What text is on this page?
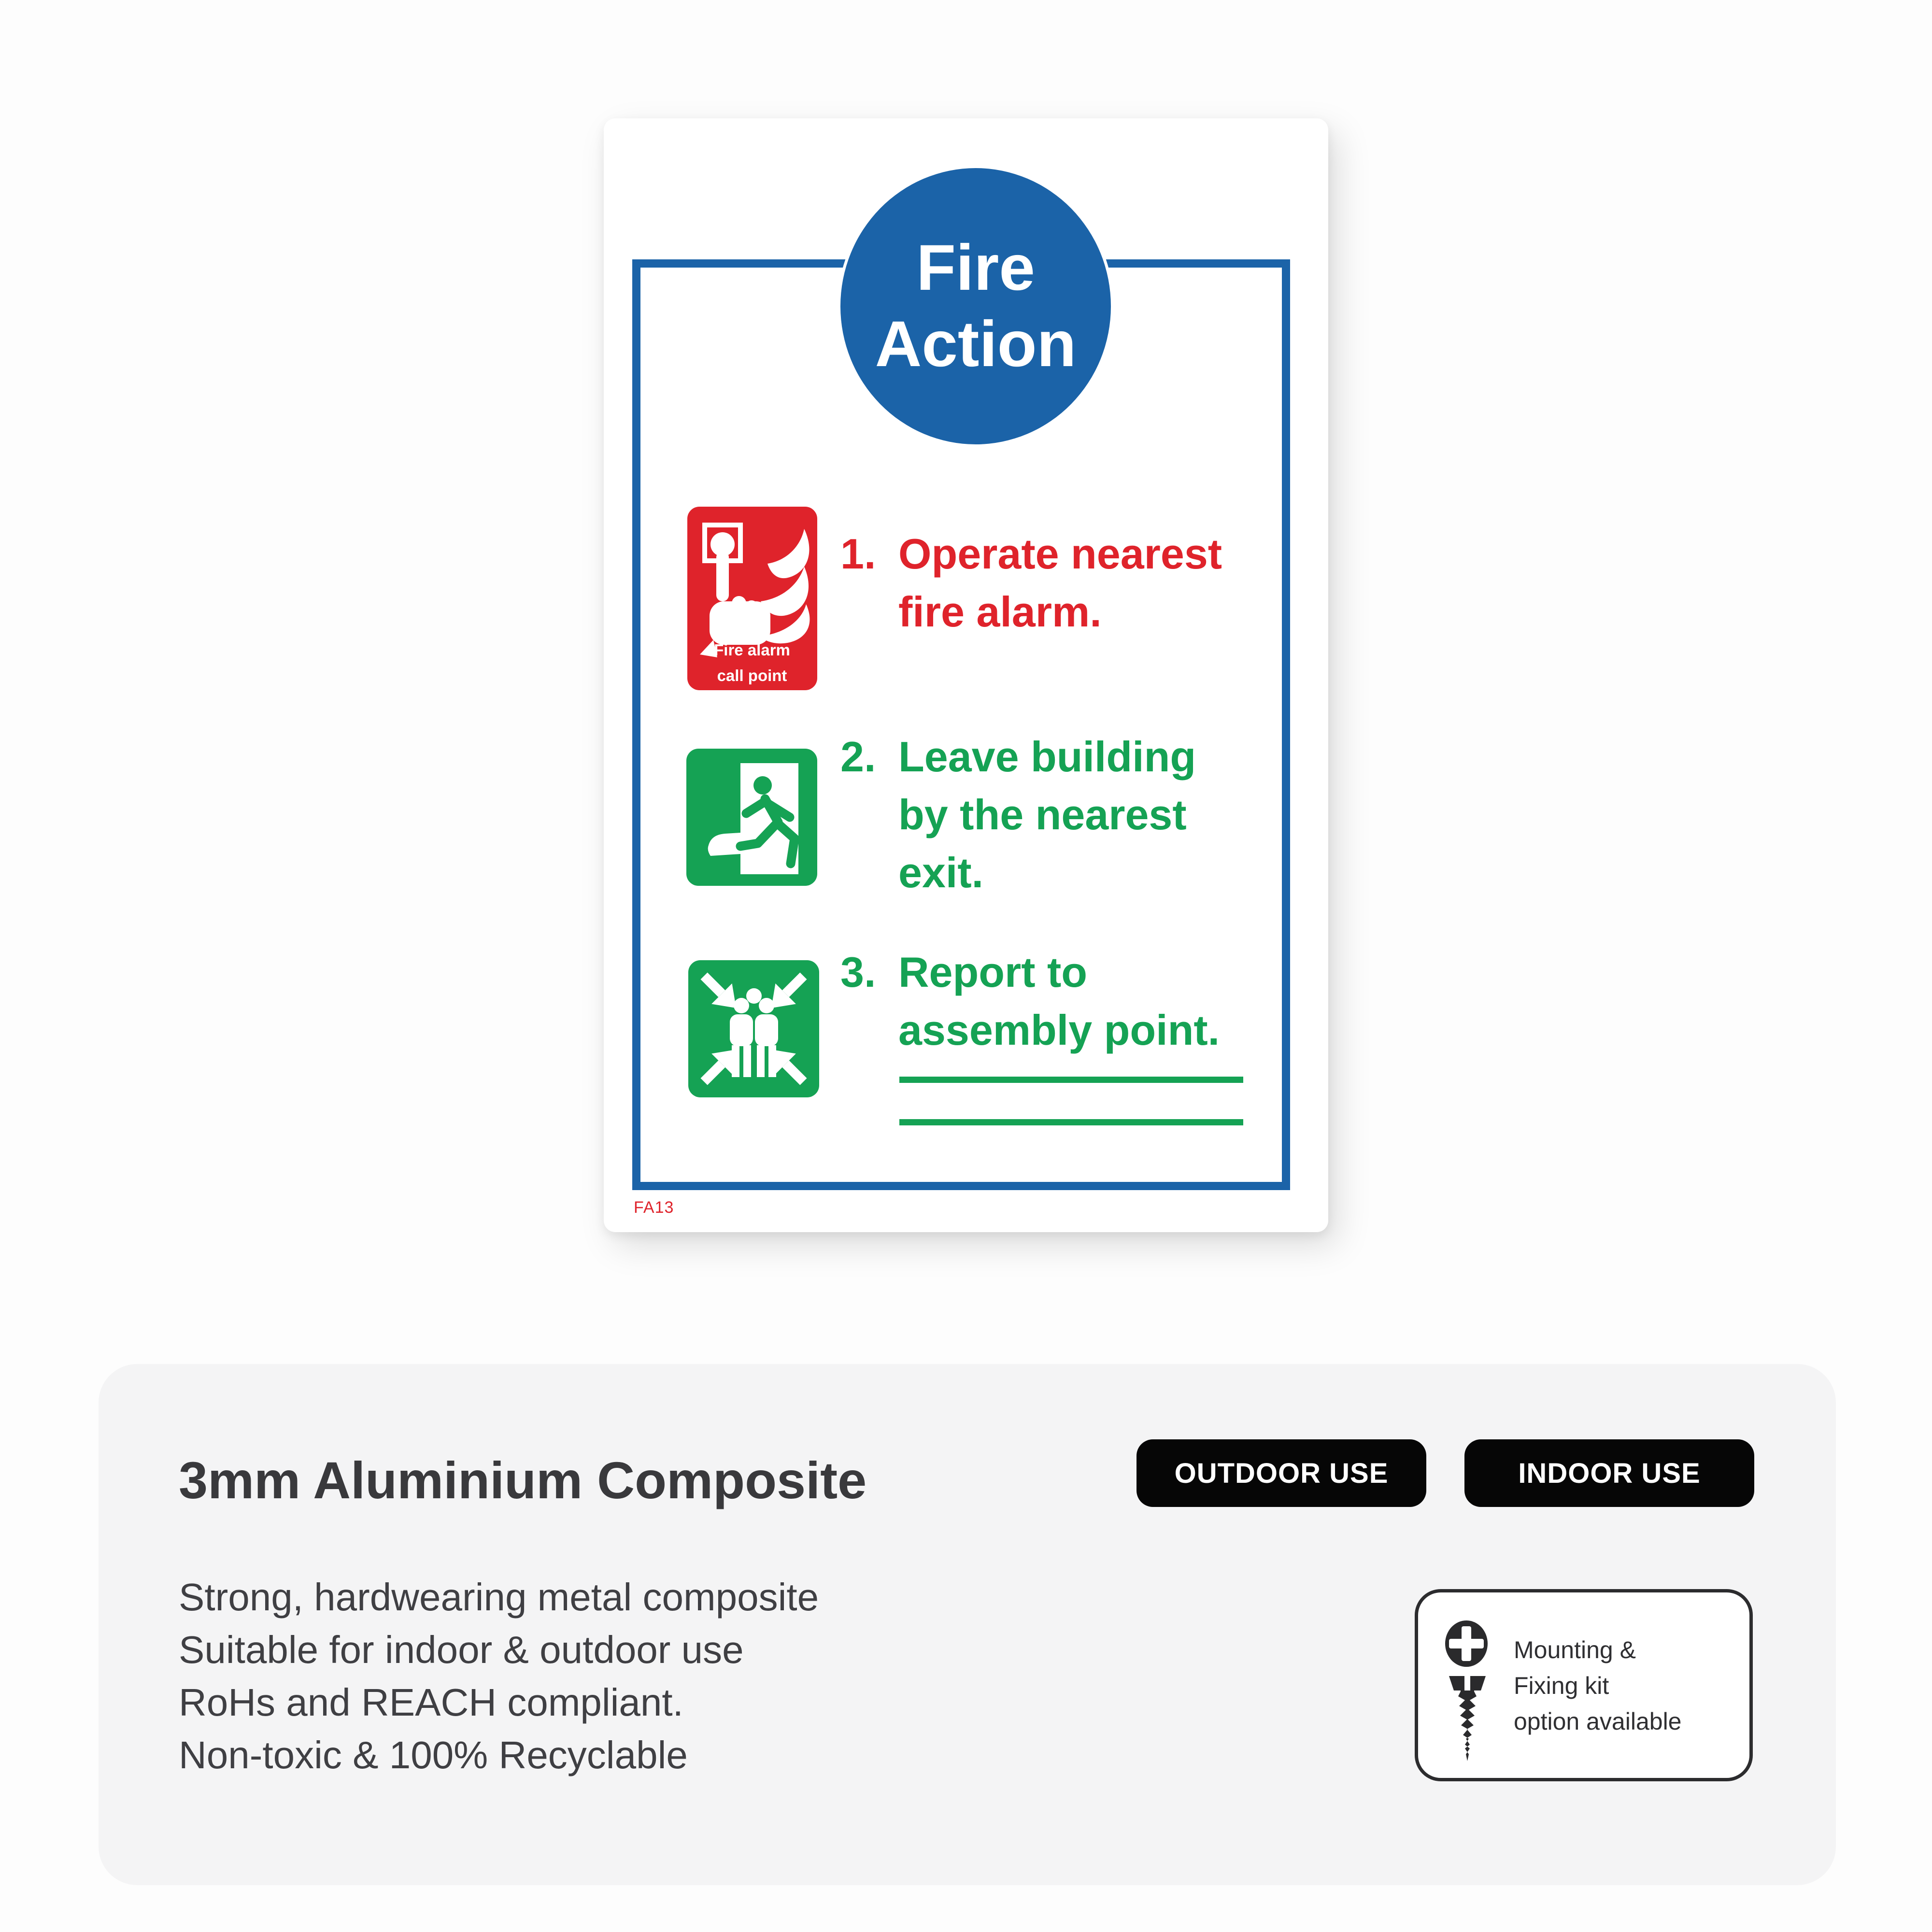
Fire
Action
Fire alarm
call point
1. Operate nearest
fire alarm.
2. Leave building
by the nearest
exit.
3. Report to
assembly point.
FA13
3mm Aluminium Composite
Strong, hardwearing metal composite
Suitable for indoor & outdoor use
RoHs and REACH compliant.
Non-toxic & 100% Recyclable
OUTDOOR USE	INDOOR USE
Mounting &
Fixing kit
option available
